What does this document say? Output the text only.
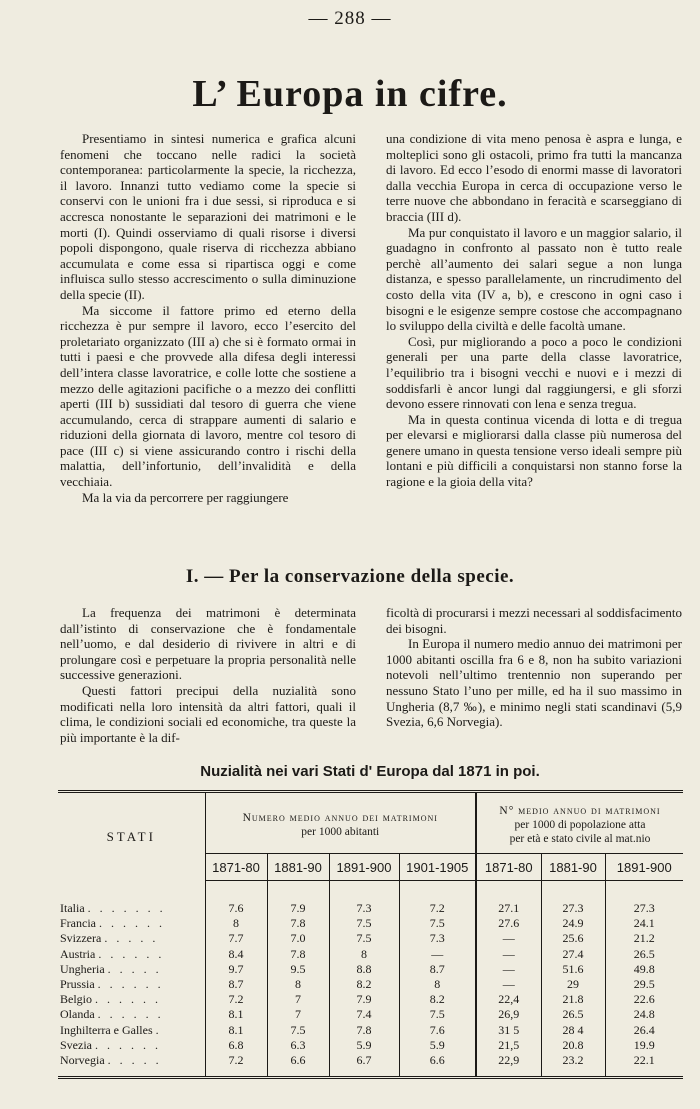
— 288 —
L’ Europa in cifre.

Presentiamo in sintesi numerica e grafica alcuni fenomeni che toccano nelle radici la società contemporanea: particolarmente la specie, la ricchezza, il lavoro. Innanzi tutto vediamo come la specie si conservi con le unioni fra i due sessi, si riproduca e si accresca nonostante le separazioni dei matrimoni e le morti (I). Quindi osserviamo di quali risorse i diversi popoli dispongono, quale riserva di ricchezza abbiano accumulata e come essa si ripartisca oggi e come influisca sullo stesso accrescimento o sulla diminuzione della specie (II).

Ma siccome il fattore primo ed eterno della ricchezza è pur sempre il lavoro, ecco l’esercito del proletariato organizzato (III a) che si è formato ormai in tutti i paesi e che provvede alla difesa degli interessi dell’intera classe lavoratrice, e colle lotte che sostiene a mezzo delle agitazioni pacifiche o a mezzo dei conflitti aperti (III b) sussidiati dal tesoro di guerra che viene accumulando, cerca di strappare aumenti di salario e riduzioni della giornata di lavoro, mentre col tesoro di pace (III c) si viene assicurando contro i rischi della malattia, dell’infortunio, dell’invalidità e della vecchiaia.

Ma la via da percorrere per raggiungere

una condizione di vita meno penosa è aspra e lunga, e molteplici sono gli ostacoli, primo fra tutti la mancanza di lavoro. Ed ecco l’esodo di enormi masse di lavoratori dalla vecchia Europa in cerca di occupazione verso le terre nuove che abbondano in feracità e scarseggiano di braccia (III d).

Ma pur conquistato il lavoro e un maggior salario, il guadagno in confronto al passato non è tutto reale perchè all’aumento dei salari segue a non lunga distanza, e spesso parallelamente, un rincrudimento del costo della vita (IV a, b), e crescono in ogni caso i bisogni e le esigenze sempre costose che accompagnano lo sviluppo della civiltà e delle facoltà umane.

Così, pur migliorando a poco a poco le condizioni generali per una parte della classe lavoratrice, l’equilibrio tra i bisogni vecchi e nuovi e i mezzi di soddisfarli è ancor lungi dal raggiungersi, e gli sforzi devono essere rinnovati con lena e senza tregua.

Ma in questa continua vicenda di lotta e di tregua per elevarsi e migliorarsi dalla classe più numerosa del genere umano in questa tensione verso ideali sempre più lontani e più difficili a conquistarsi non stanno forse la ragione e la gioia della vita?

I. — Per la conservazione della specie.

La frequenza dei matrimoni è determinata dall’istinto di conservazione che è fondamentale nell’uomo, e dal desiderio di rivivere in altri e di prolungare così e perpetuare la propria personalità nelle successive generazioni.

Questi fattori precipui della nuzialità sono modificati nella loro intensità da altri fattori, quali il clima, le condizioni sociali ed economiche, tra queste la più importante è la dif-

ficoltà di procurarsi i mezzi necessari al soddisfacimento dei bisogni.

In Europa il numero medio annuo dei matrimoni per 1000 abitanti oscilla fra 6 e 8, non ha subito variazioni notevoli nell’ultimo trentennio non superando per nessuno Stato l’uno per mille, ed ha il suo massimo in Ungheria (8,7 ‰), e minimo negli stati scandinavi (5,9 Svezia, 6,6 Norvegia).

Nuzialità nei vari Stati d' Europa dal 1871 in poi.
STATI	Numero medio annuo dei matrimoni
per 1000 abitanti				N° medio annuo di matrimoni
per 1000 di popolazione atta
per età e stato civile al mat.nio		
	1871-80	1881-90	1891-900	1901-1905	1871-80	1881-90	1891-900
Italia . . . . . . .	7.6	7.9	7.3	7.2	27.1	27.3	27.3
Francia . . . . . .	8	7.8	7.5	7.5	27.6	24.9	24.1
Svizzera . . . . .	7.7	7.0	7.5	7.3	—	25.6	21.2
Austria . . . . . .	8.4	7.8	8	—	—	27.4	26.5
Ungheria . . . . .	9.7	9.5	8.8	8.7	—	51.6	49.8
Prussia . . . . . .	8.7	8	8.2	8	—	29	29.5
Belgio . . . . . .	7.2	7	7.9	8.2	22,4	21.8	22.6
Olanda . . . . . .	8.1	7	7.4	7.5	26,9	26.5	24.8
Inghilterra e Galles .	8.1	7.5	7.8	7.6	31 5	28 4	26.4
Svezia . . . . . .	6.8	6.3	5.9	5.9	21,5	20.8	19.9
Norvegia . . . . .	7.2	6.6	6.7	6.6	22,9	23.2	22.1
